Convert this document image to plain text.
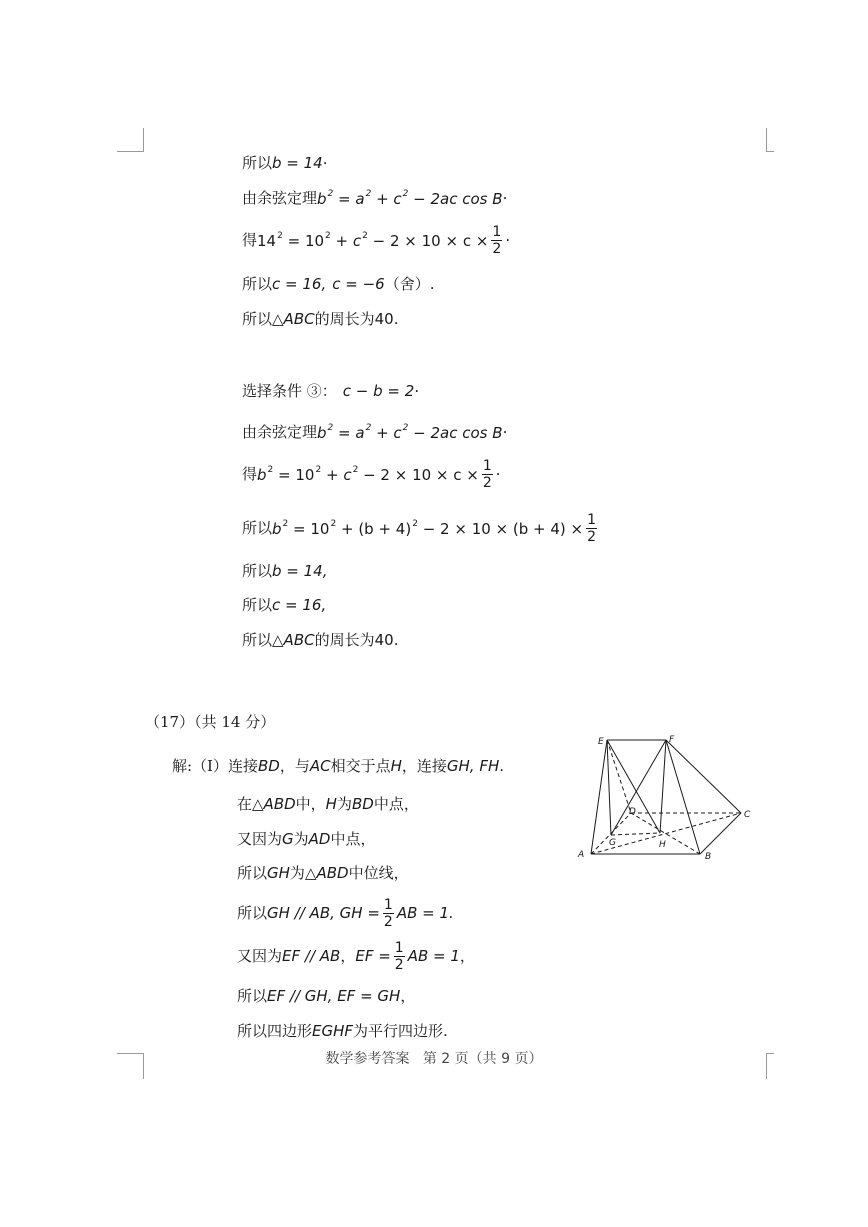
所以 b = 14 ·
由余弦定理 $b^2 = a^2 + c^2 - 2ac$ cos B ·
得 $14^2 = 10^2 + c^2 - 2 \times 10 \times c \times \frac{1}{2}$ ·
所以 c = 16, c = −6 （舍）.
所以 △ABC 的周长为 40 .
选择条件 ③： c − b = 2 ·
由余弦定理 $b^2 = a^2 + c^2 - 2ac$ cos B ·
得 $b^2 = 10^2 + c^2 - 2 \times 10 \times c \times \frac{1}{2}$ ·
所以 $b^2 = 10^2 + (b + 4)^2 - 2 \times 10 \times (b + 4) \times \frac{1}{2}$
所以 b = 14,
所以 c = 16,
所以 △ABC 的周长为 40 .
（17）（共 14 分）
解:（Ⅰ）连接 BD ，与 AC 相交于点 H ，连接 GH, FH .
在 △ABD 中， H 为 BD 中点，
又因为 G 为 AD 中点，
所以 GH 为 △ABD 中位线，
所以 GH // AB, GH = $\frac{1}{2}$ AB = 1.
又因为 EF // AB ， EF = $\frac{1}{2}$ AB = 1 ，
所以 EF // GH, EF = GH ，
所以四边形 EGHF 为平行四边形.
E	F
D	C
A
G	H
B
数学参考答案 第 2 页（共 9 页）
